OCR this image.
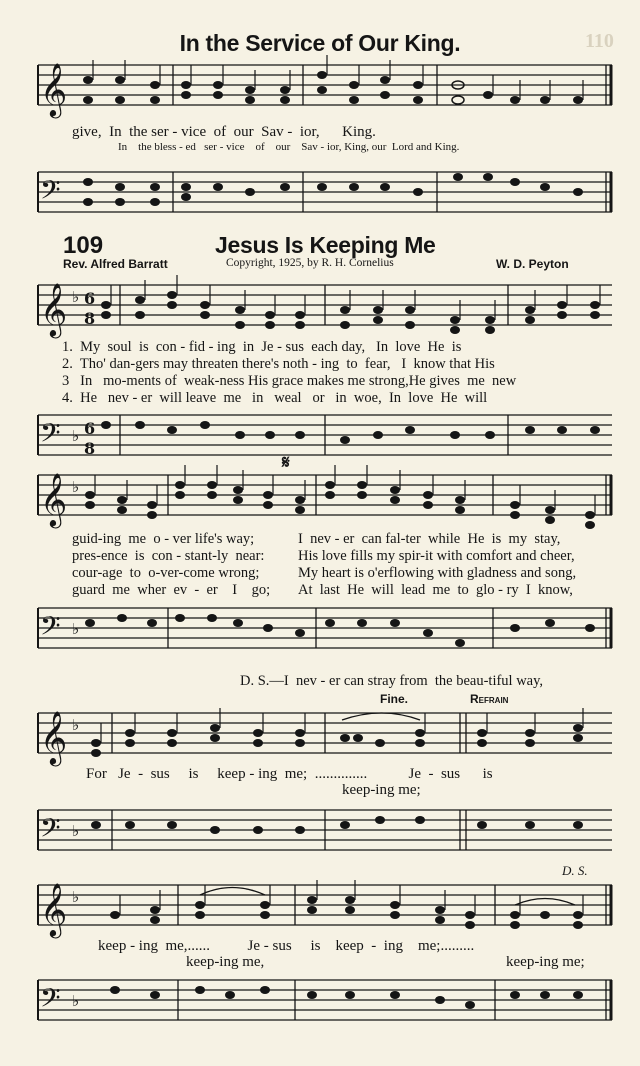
In the Service of Our King.	110
𝄞
give,  In  the ser - vice  of  our  Sav -  ior,      King.
In    the bless - ed   ser - vice    of    our    Sav - ior, King, our  Lord and King.
𝄢
109	Jesus Is Keeping Me
Rev. Alfred Barratt	Copyright, 1925, by R. H. Cornelius	W. D. Peyton
𝄞 ♭ 6
8
1.  My  soul  is  con - fid - ing  in  Je - sus  each day,   In  love  He  is
2.  Tho' dan-gers may threaten there's noth - ing  to  fear,   I  know that His
3   In   mo-ments of  weak-ness His grace makes me strong,He gives  me  new
4.  He   nev - er  will leave  me   in   weal   or   in  woe,  In  love  He  will
𝄢 ♭ 6
8
𝄞 ♭
𝄋
guid-ing  me  o - ver life's way;
pres-ence  is  con - stant-ly  near:
cour-age  to  o-ver-come wrong;
guard  me  wher  ev  -  er    I    go;
I  nev - er  can fal-ter  while  He  is  my  stay,
His love fills my spir-it with comfort and cheer,
My heart is o'erflowing with gladness and song,
At  last  He  will  lead  me  to  glo - ry  I  know,
𝄢 ♭
D. S.—I  nev - er can stray from  the beau-tiful way,
Fine.	Refrain
𝄞 ♭
For   Je  -  sus     is     keep - ing  me;  ..............           Je  -  sus      is
keep-ing me;
𝄢 ♭
D. S.
𝄞 ♭
keep - ing  me,......          Je - sus     is    keep  -  ing    me;.........
keep-ing me,	keep-ing me;
𝄢 ♭
